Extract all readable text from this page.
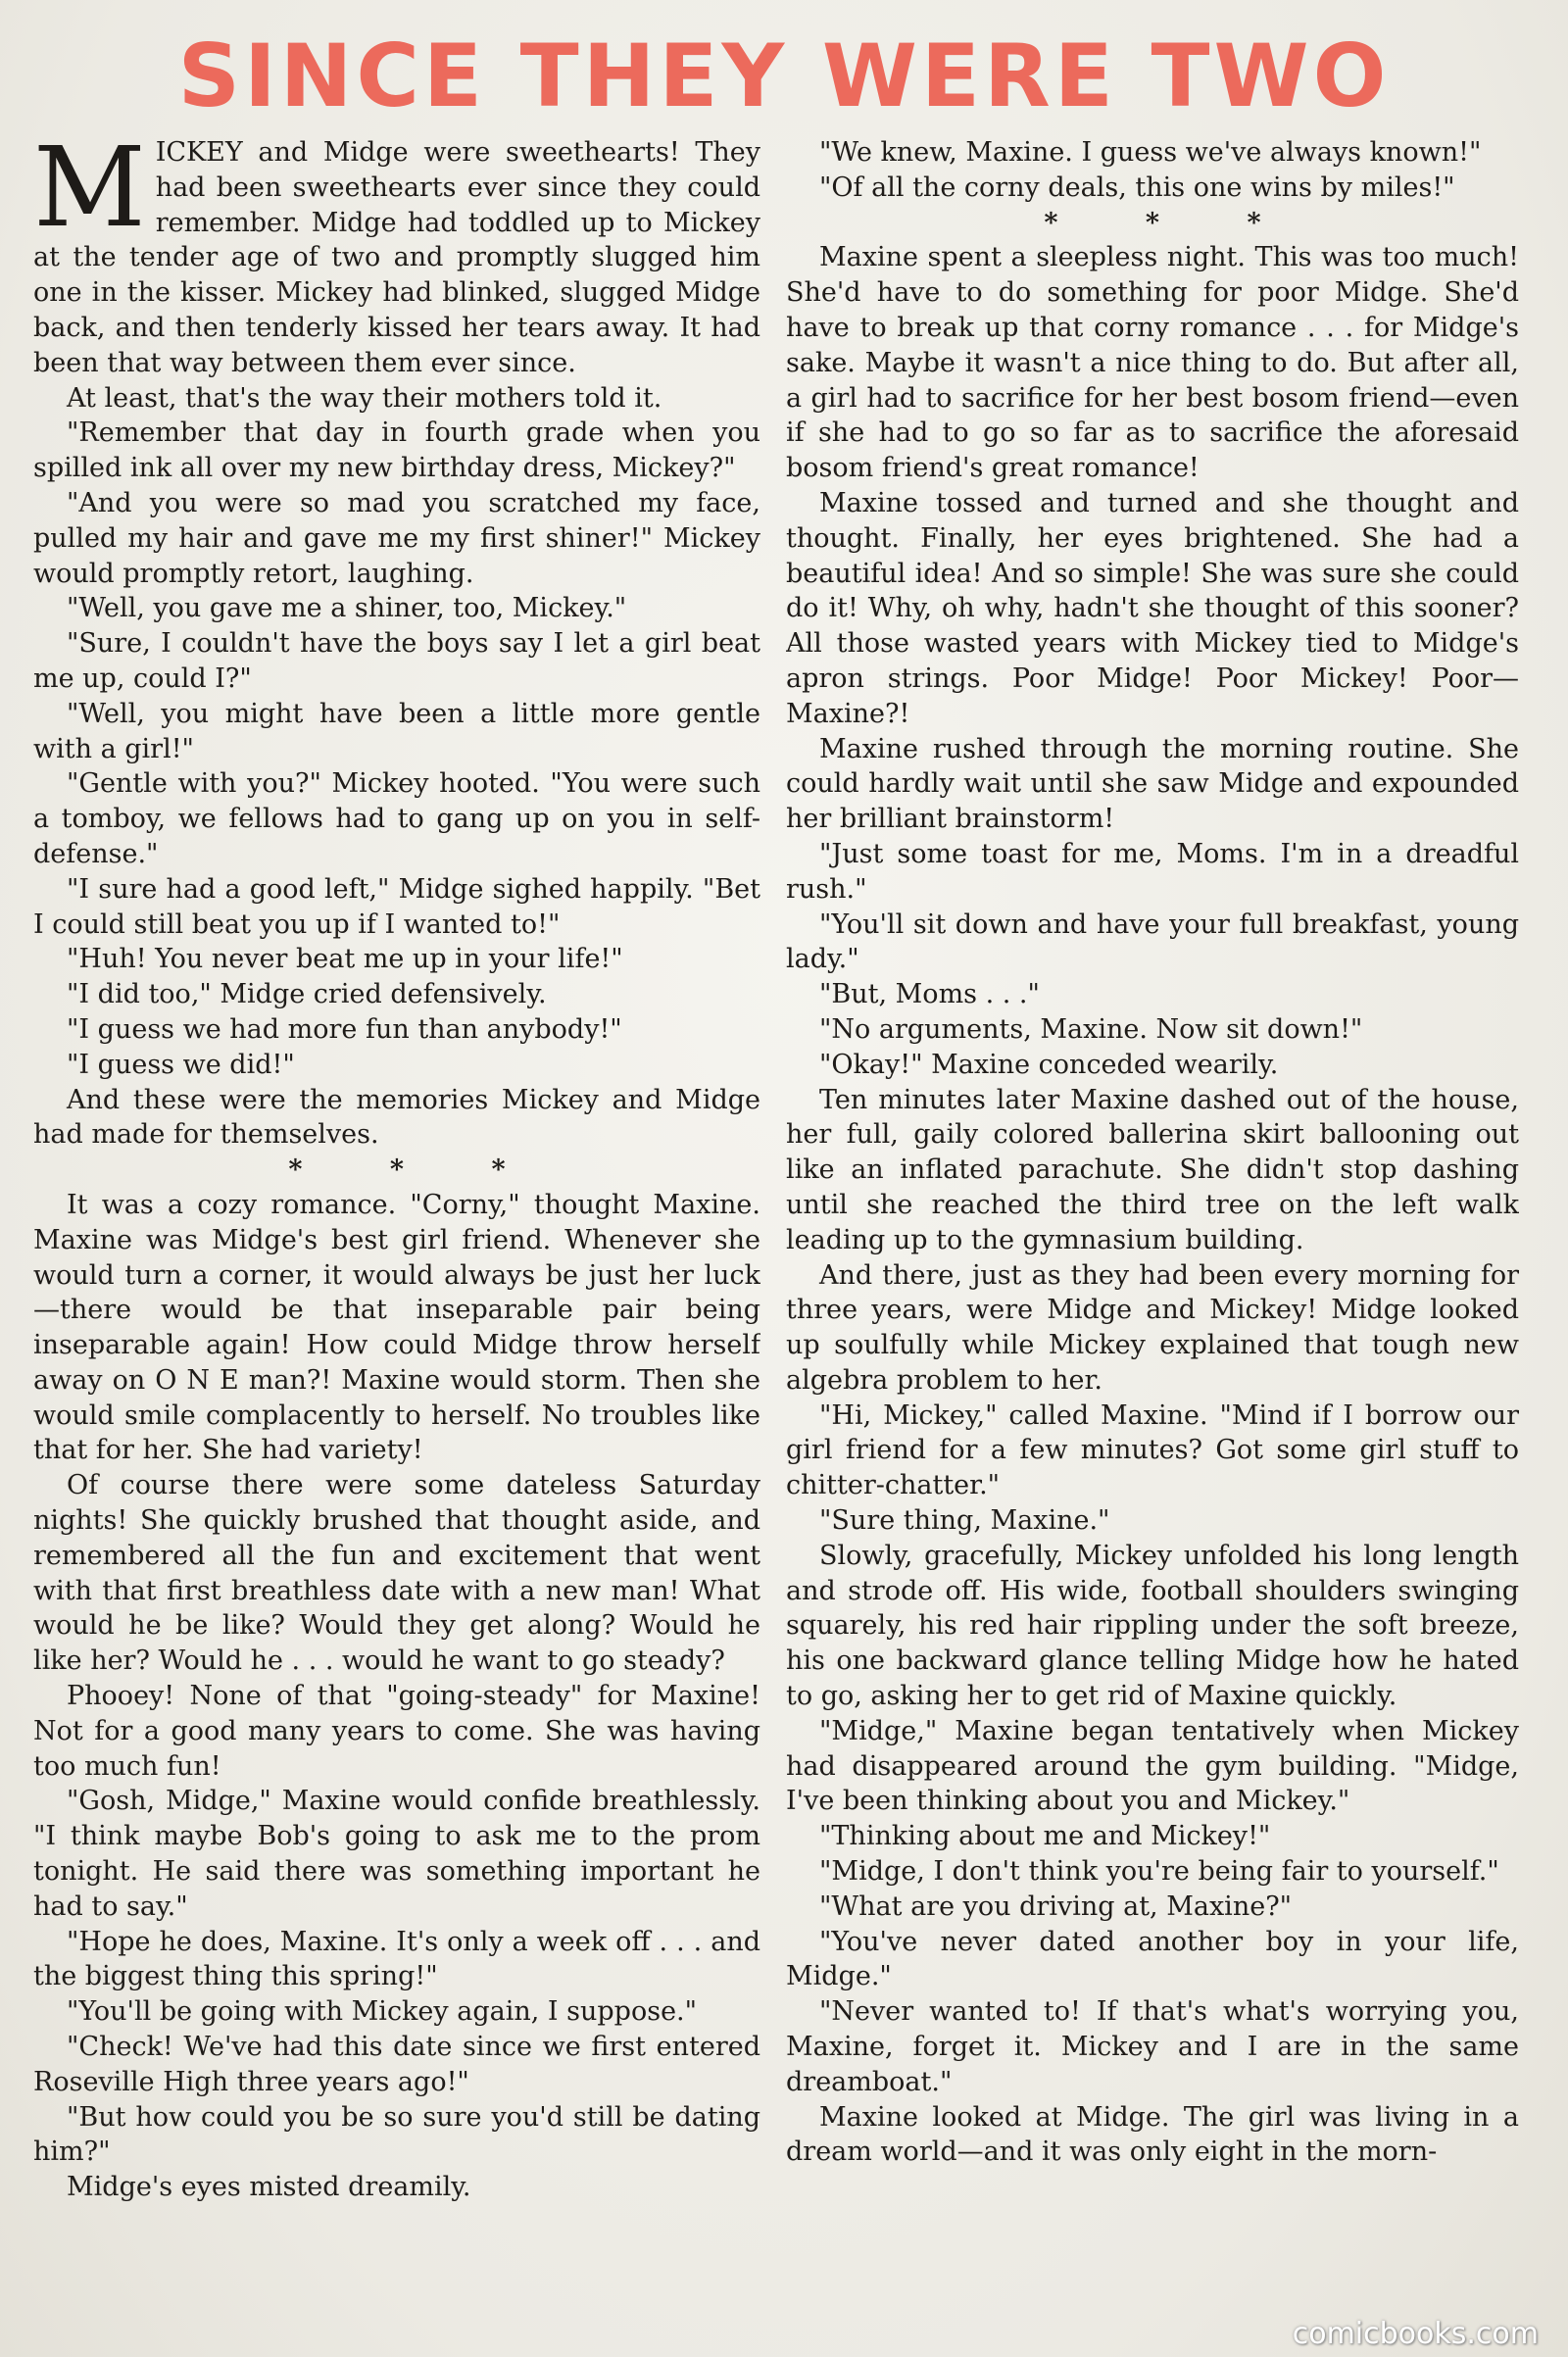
SINCE THEY WERE TWO

MICKEY and Midge were sweethearts! They had been sweethearts ever since they could remember. Midge had toddled up to Mickey at the tender age of two and promptly slugged him one in the kisser. Mickey had blinked, slugged Midge back, and then tenderly kissed her tears away. It had been that way between them ever since.

At least, that's the way their mothers told it.

"Remember that day in fourth grade when you spilled ink all over my new birthday dress, Mickey?"

"And you were so mad you scratched my face, pulled my hair and gave me my first shiner!" Mickey would promptly retort, laughing.

"Well, you gave me a shiner, too, Mickey."

"Sure, I couldn't have the boys say I let a girl beat me up, could I?"

"Well, you might have been a little more gentle with a girl!"

"Gentle with you?" Mickey hooted. "You were such a tomboy, we fellows had to gang up on you in self-defense."

"I sure had a good left," Midge sighed happily. "Bet I could still beat you up if I wanted to!"

"Huh! You never beat me up in your life!"

"I did too," Midge cried defensively.

"I guess we had more fun than anybody!"

"I guess we did!"

And these were the memories Mickey and Midge had made for themselves.

* * *

It was a cozy romance. "Corny," thought Maxine. Maxine was Midge's best girl friend. Whenever she would turn a corner, it would always be just her luck—there would be that inseparable pair being inseparable again! How could Midge throw herself away on O N E man?! Maxine would storm. Then she would smile complacently to herself. No troubles like that for her. She had variety!

Of course there were some dateless Saturday nights! She quickly brushed that thought aside, and remembered all the fun and excitement that went with that first breathless date with a new man! What would he be like? Would they get along? Would he like her? Would he . . . would he want to go steady?

Phooey! None of that "going-steady" for Maxine! Not for a good many years to come. She was having too much fun!

"Gosh, Midge," Maxine would confide breathlessly. "I think maybe Bob's going to ask me to the prom tonight. He said there was something important he had to say."

"Hope he does, Maxine. It's only a week off . . . and the biggest thing this spring!"

"You'll be going with Mickey again, I suppose."

"Check! We've had this date since we first entered Roseville High three years ago!"

"But how could you be so sure you'd still be dating him?"

Midge's eyes misted dreamily.

"We knew, Maxine. I guess we've always known!"

"Of all the corny deals, this one wins by miles!"

* * *

Maxine spent a sleepless night. This was too much! She'd have to do something for poor Midge. She'd have to break up that corny romance . . . for Midge's sake. Maybe it wasn't a nice thing to do. But after all, a girl had to sacrifice for her best bosom friend—even if she had to go so far as to sacrifice the aforesaid bosom friend's great romance!

Maxine tossed and turned and she thought and thought. Finally, her eyes brightened. She had a beautiful idea! And so simple! She was sure she could do it! Why, oh why, hadn't she thought of this sooner? All those wasted years with Mickey tied to Midge's apron strings. Poor Midge! Poor Mickey! Poor—Maxine?!

Maxine rushed through the morning routine. She could hardly wait until she saw Midge and expounded her brilliant brainstorm!

"Just some toast for me, Moms. I'm in a dreadful rush."

"You'll sit down and have your full breakfast, young lady."

"But, Moms . . ."

"No arguments, Maxine. Now sit down!"

"Okay!" Maxine conceded wearily.

Ten minutes later Maxine dashed out of the house, her full, gaily colored ballerina skirt ballooning out like an inflated parachute. She didn't stop dashing until she reached the third tree on the left walk leading up to the gymnasium building.

And there, just as they had been every morning for three years, were Midge and Mickey! Midge looked up soulfully while Mickey explained that tough new algebra problem to her.

"Hi, Mickey," called Maxine. "Mind if I borrow our girl friend for a few minutes? Got some girl stuff to chitter-chatter."

"Sure thing, Maxine."

Slowly, gracefully, Mickey unfolded his long length and strode off. His wide, football shoulders swinging squarely, his red hair rippling under the soft breeze, his one backward glance telling Midge how he hated to go, asking her to get rid of Maxine quickly.

"Midge," Maxine began tentatively when Mickey had disappeared around the gym building. "Midge, I've been thinking about you and Mickey."

"Thinking about me and Mickey!"

"Midge, I don't think you're being fair to yourself."

"What are you driving at, Maxine?"

"You've never dated another boy in your life, Midge."

"Never wanted to! If that's what's worrying you, Maxine, forget it. Mickey and I are in the same dreamboat."

Maxine looked at Midge. The girl was living in a dream world—and it was only eight in the morn-

comicbooks.com
